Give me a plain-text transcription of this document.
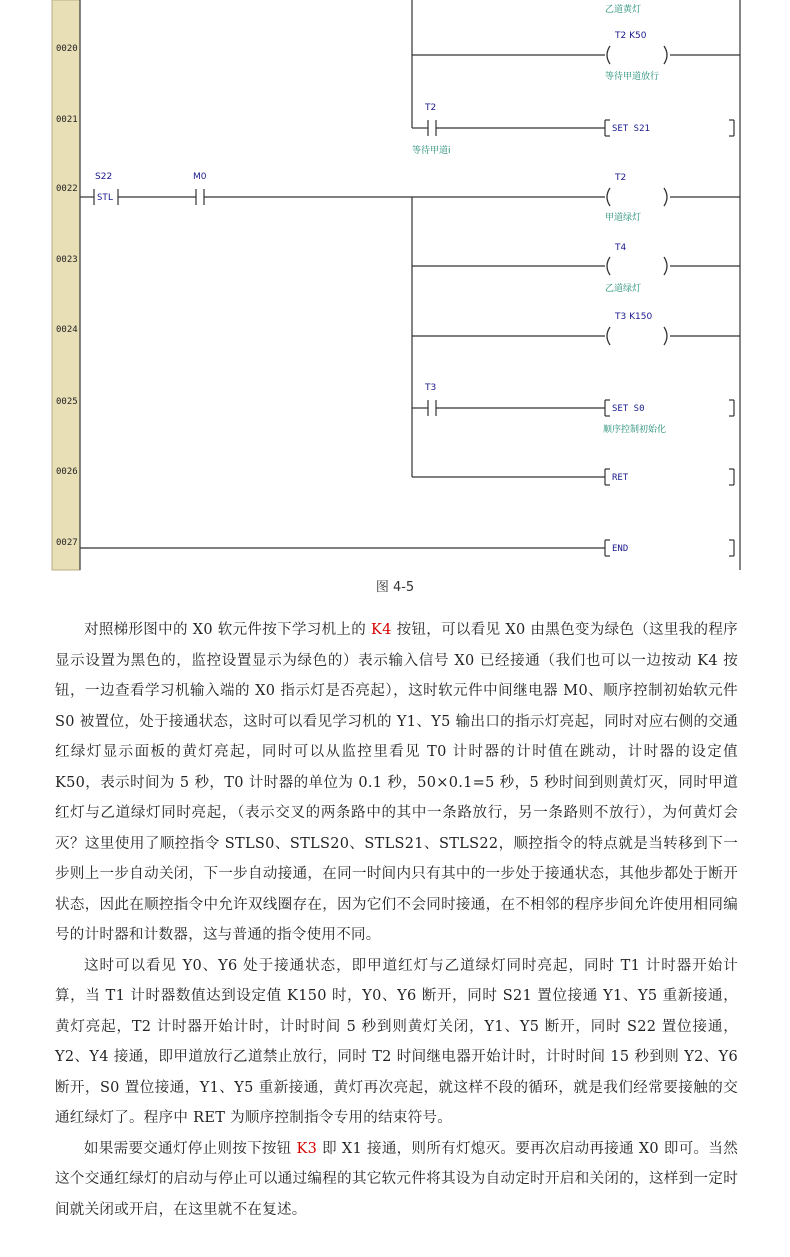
0020
0021
0022
0023
0024
0025
0026
0027
乙道黄灯
T2 K50
等待甲道放行
T2
等待甲道i
SET S21
S22
STL
M0	T2
甲道绿灯
T4
乙道绿灯
T3 K150
T3
SET S0
顺序控制初始化
RET
END
图 4-5

对照梯形图中的 X0 软元件按下学习机上的 K4 按钮，可以看见 X0 由黑色变为绿色（这里我的程序显示设置为黑色的，监控设置显示为绿色的）表示输入信号 X0 已经接通（我们也可以一边按动 K4 按钮，一边查看学习机输入端的 X0 指示灯是否亮起），这时软元件中间继电器 M0、顺序控制初始软元件 S0 被置位，处于接通状态，这时可以看见学习机的 Y1、Y5 输出口的指示灯亮起，同时对应右侧的交通红绿灯显示面板的黄灯亮起，同时可以从监控里看见 T0 计时器的计时值在跳动，计时器的设定值 K50，表示时间为 5 秒，T0 计时器的单位为 0.1 秒，50×0.1=5 秒，5 秒时间到则黄灯灭，同时甲道红灯与乙道绿灯同时亮起，（表示交叉的两条路中的其中一条路放行，另一条路则不放行），为何黄灯会灭？这里使用了顺控指令 STLS0、STLS20、STLS21、STLS22，顺控指令的特点就是当转移到下一步则上一步自动关闭，下一步自动接通，在同一时间内只有其中的一步处于接通状态，其他步都处于断开状态，因此在顺控指令中允许双线圈存在，因为它们不会同时接通，在不相邻的程序步间允许使用相同编号的计时器和计数器，这与普通的指令使用不同。

这时可以看见 Y0、Y6 处于接通状态，即甲道红灯与乙道绿灯同时亮起，同时 T1 计时器开始计算，当 T1 计时器数值达到设定值 K150 时，Y0、Y6 断开，同时 S21 置位接通 Y1、Y5 重新接通，黄灯亮起，T2 计时器开始计时，计时时间 5 秒到则黄灯关闭，Y1、Y5 断开，同时 S22 置位接通，Y2、Y4 接通，即甲道放行乙道禁止放行，同时 T2 时间继电器开始计时，计时时间 15 秒到则 Y2、Y6 断开，S0 置位接通，Y1、Y5 重新接通，黄灯再次亮起，就这样不段的循环，就是我们经常要接触的交通红绿灯了。程序中 RET 为顺序控制指令专用的结束符号。

如果需要交通灯停止则按下按钮 K3 即 X1 接通，则所有灯熄灭。要再次启动再接通 X0 即可。当然这个交通红绿灯的启动与停止可以通过编程的其它软元件将其设为自动定时开启和关闭的，这样到一定时间就关闭或开启，在这里就不在复述。
